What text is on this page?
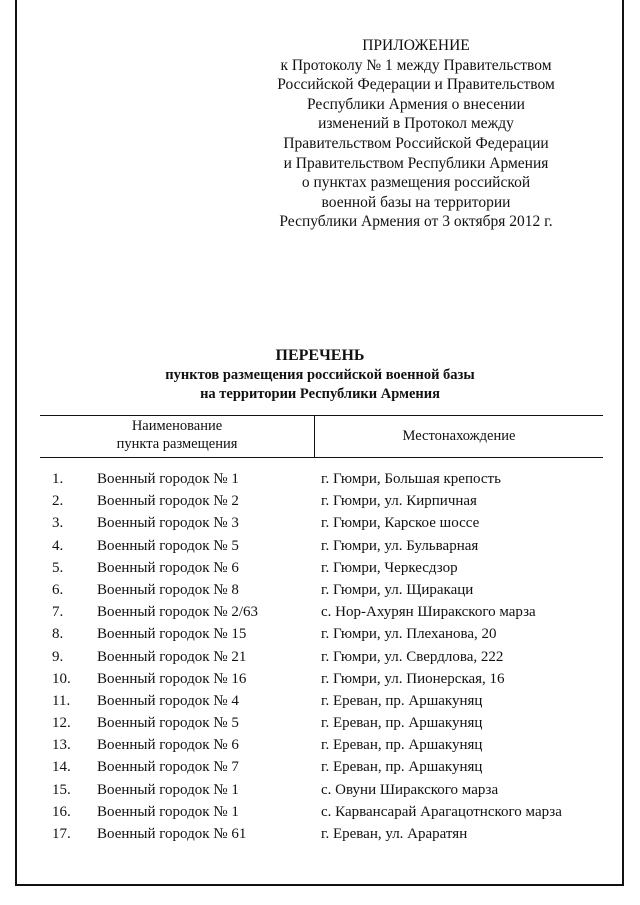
ПРИЛОЖЕНИЕ
к Протоколу № 1 между Правительством
Российской Федерации и Правительством
Республики Армения о внесении
изменений в Протокол между
Правительством Российской Федерации
и Правительством Республики Армения
о пунктах размещения российской
военной базы на территории
Республики Армения от 3 октября 2012 г.
ПЕРЕЧЕНЬ
пунктов размещения российской военной базы
на территории Республики Армения
Наименование
пункта размещения	Местонахождение
1. Военный городок № 1	г. Гюмри, Большая крепость
2. Военный городок № 2	г. Гюмри, ул. Кирпичная
3. Военный городок № 3	г. Гюмри, Карское шоссе
4. Военный городок № 5	г. Гюмри, ул. Бульварная
5. Военный городок № 6	г. Гюмри, Черкесдзор
6. Военный городок № 8	г. Гюмри, ул. Щиракаци
7. Военный городок № 2/63	с. Нор-Ахурян Ширакского марза
8. Военный городок № 15	г. Гюмри, ул. Плеханова, 20
9. Военный городок № 21	г. Гюмри, ул. Свердлова, 222
10. Военный городок № 16	г. Гюмри, ул. Пионерская, 16
11. Военный городок № 4	г. Ереван, пр. Аршакуняц
12. Военный городок № 5	г. Ереван, пр. Аршакуняц
13. Военный городок № 6	г. Ереван, пр. Аршакуняц
14. Военный городок № 7	г. Ереван, пр. Аршакуняц
15. Военный городок № 1	с. Овуни Ширакского марза
16. Военный городок № 1	с. Карвансарай Арагацотнского марза
17. Военный городок № 61	г. Ереван, ул. Араратян
